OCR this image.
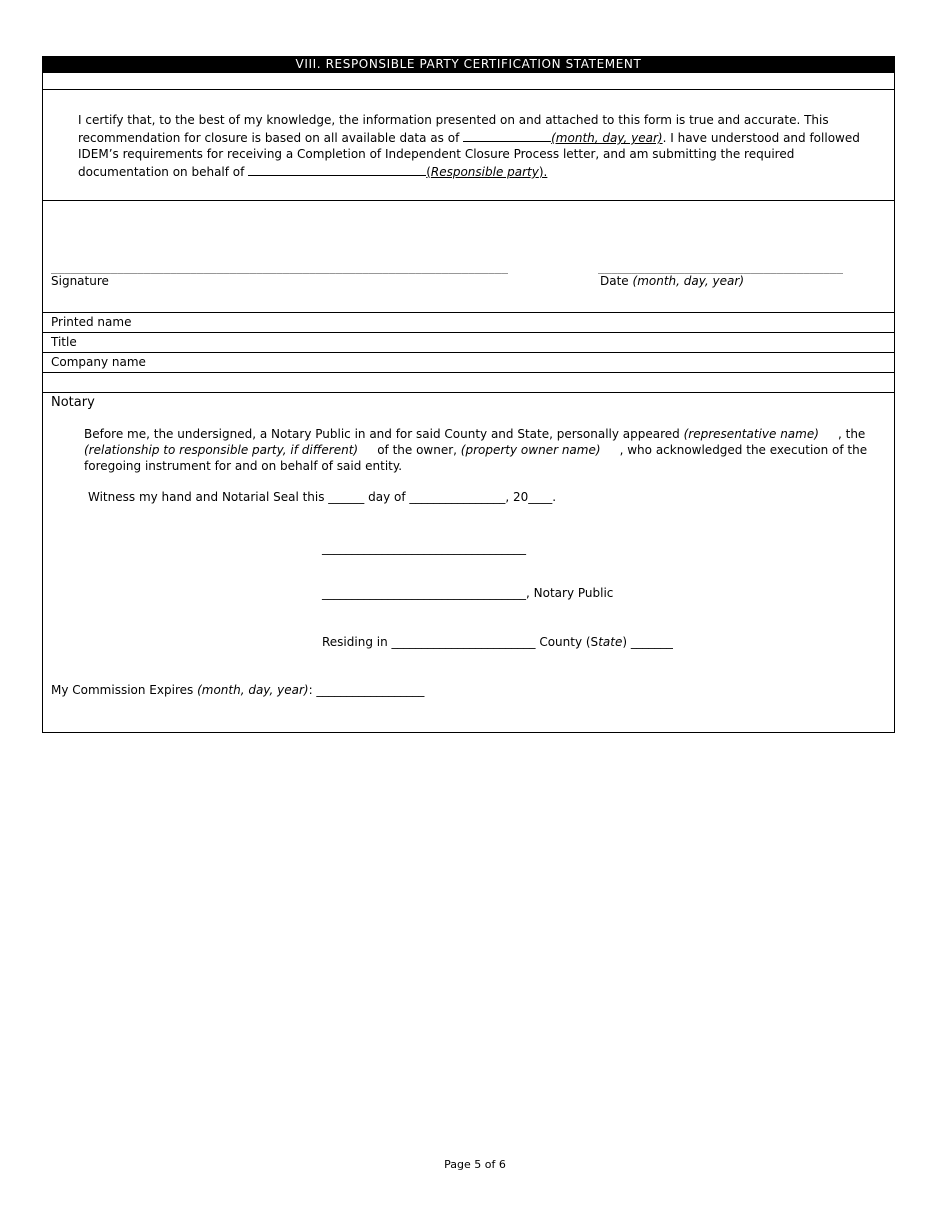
VIII. RESPONSIBLE PARTY CERTIFICATION STATEMENT
I certify that, to the best of my knowledge, the information presented on and attached to this form is true and accurate. This recommendation for closure is based on all available data as of	(month, day, year). I have understood and followed IDEM’s requirements for receiving a Completion of Independent Closure Process letter, and am submitting the required documentation on behalf of	(Responsible party).
_____________________________________________________________________	_____________________________________
Signature	Date (month, day, year)
Printed name
Title
Company name
Notary
Before me, the undersigned, a Notary Public in and for said County and State, personally appeared (representative name) , the (relationship to responsible party, if different) of the owner, (property owner name) , who acknowledged the execution of the foregoing instrument for and on behalf of said entity.
Witness my hand and Notarial Seal this ______ day of ________________, 20____.
__________________________________
__________________________________, Notary Public
Residing in ________________________ County (State) _______
My Commission Expires (month, day, year): __________________
Page 5 of 6
